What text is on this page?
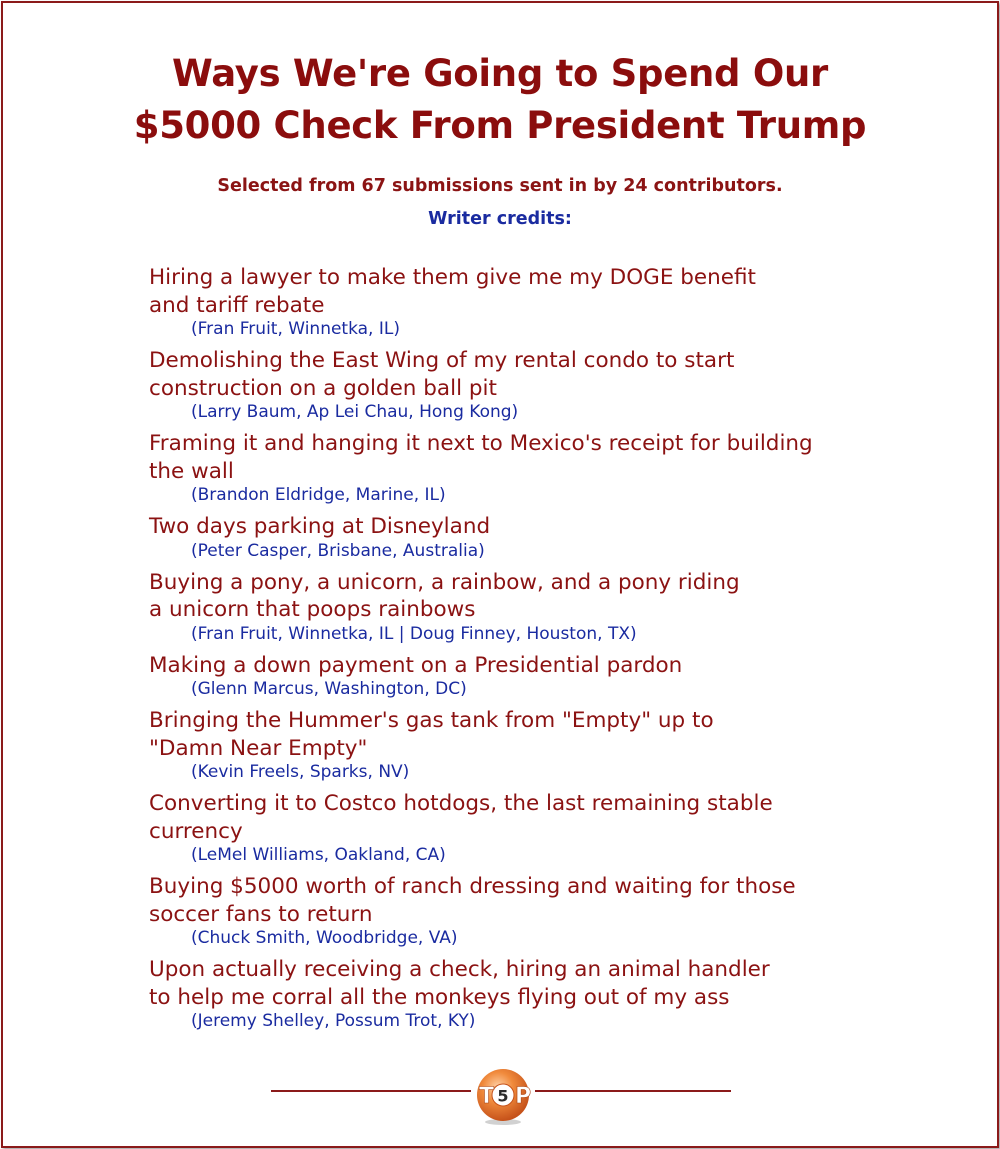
Ways We're Going to Spend Our
$5000 Check From President Trump
Selected from 67 submissions sent in by 24 contributors.
Writer credits:
Hiring a lawyer to make them give me my DOGE benefit
and tariff rebate
(Fran Fruit, Winnetka, IL)
Demolishing the East Wing of my rental condo to start
construction on a golden ball pit
(Larry Baum, Ap Lei Chau, Hong Kong)
Framing it and hanging it next to Mexico's receipt for building
the wall
(Brandon Eldridge, Marine, IL)
Two days parking at Disneyland
(Peter Casper, Brisbane, Australia)
Buying a pony, a unicorn, a rainbow, and a pony riding
a unicorn that poops rainbows
(Fran Fruit, Winnetka, IL | Doug Finney, Houston, TX)
Making a down payment on a Presidential pardon
(Glenn Marcus, Washington, DC)
Bringing the Hummer's gas tank from "Empty" up to
"Damn Near Empty"
(Kevin Freels, Sparks, NV)
Converting it to Costco hotdogs, the last remaining stable
currency
(LeMel Williams, Oakland, CA)
Buying $5000 worth of ranch dressing and waiting for those
soccer fans to return
(Chuck Smith, Woodbridge, VA)
Upon actually receiving a check, hiring an animal handler
to help me corral all the monkeys flying out of my ass
(Jeremy Shelley, Possum Trot, KY)
T 5 P
